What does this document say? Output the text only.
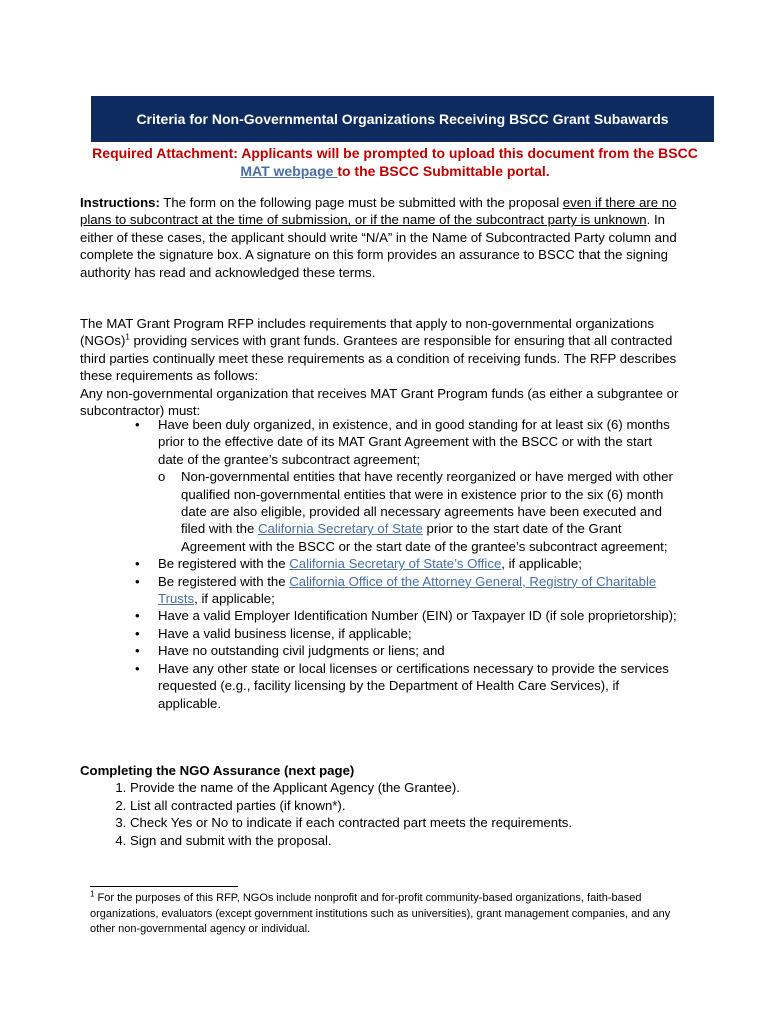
Criteria for Non-Governmental Organizations Receiving BSCC Grant Subawards
Required Attachment: Applicants will be prompted to upload this document from the BSCC MAT webpage to the BSCC Submittable portal.
Instructions: The form on the following page must be submitted with the proposal even if there are no plans to subcontract at the time of submission, or if the name of the subcontract party is unknown. In either of these cases, the applicant should write “N/A” in the Name of Subcontracted Party column and complete the signature box. A signature on this form provides an assurance to BSCC that the signing authority has read and acknowledged these terms.
The MAT Grant Program RFP includes requirements that apply to non-governmental organizations (NGOs)$^1$ providing services with grant funds. Grantees are responsible for ensuring that all contracted third parties continually meet these requirements as a condition of receiving funds. The RFP describes these requirements as follows:
Any non-governmental organization that receives MAT Grant Program funds (as either a subgrantee or subcontractor) must:
• Have been duly organized, in existence, and in good standing for at least six (6) months prior to the effective date of its MAT Grant Agreement with the BSCC or with the start date of the grantee’s subcontract agreement;
o Non-governmental entities that have recently reorganized or have merged with other qualified non-governmental entities that were in existence prior to the six (6) month date are also eligible, provided all necessary agreements have been executed and filed with the California Secretary of State prior to the start date of the Grant Agreement with the BSCC or the start date of the grantee’s subcontract agreement;
• Be registered with the California Secretary of State’s Office, if applicable;
• Be registered with the California Office of the Attorney General, Registry of Charitable Trusts, if applicable;
• Have a valid Employer Identification Number (EIN) or Taxpayer ID (if sole proprietorship);
• Have a valid business license, if applicable;
• Have no outstanding civil judgments or liens; and
• Have any other state or local licenses or certifications necessary to provide the services requested (e.g., facility licensing by the Department of Health Care Services), if applicable.
Completing the NGO Assurance (next page)
1. Provide the name of the Applicant Agency (the Grantee).
2. List all contracted parties (if known*).
3. Check Yes or No to indicate if each contracted part meets the requirements.
4. Sign and submit with the proposal.
$^1$ For the purposes of this RFP, NGOs include nonprofit and for-profit community-based organizations, faith-based organizations, evaluators (except government institutions such as universities), grant management companies, and any other non-governmental agency or individual.
